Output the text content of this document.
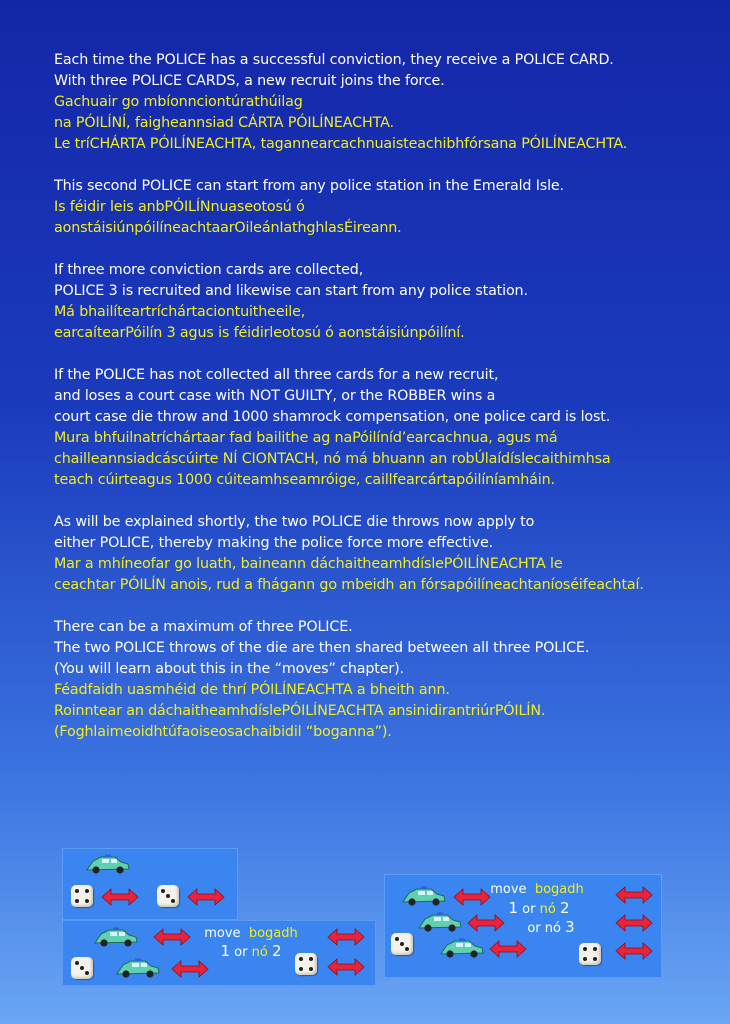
Each time the POLICE has a successful conviction, they receive a POLICE CARD.
With three POLICE CARDS, a new recruit joins the force.
Gachuair go mbíonnciontúrathúilag
na PÓILÍNÍ, faigheannsiad CÁRTA PÓILÍNEACHTA.
Le tríCHÁRTA PÓILÍNEACHTA, tagannearcachnuaisteachibhfórsana PÓILÍNEACHTA.
This second POLICE can start from any police station in the Emerald Isle.
Is féidir leis anbPÓILÍNnuaseotosú ó
aonstáisiúnpóilíneachtaarOileánIathghlasÉireann.
If three more conviction cards are collected,
POLICE 3 is recruited and likewise can start from any police station.
Má bhailíteartríchártaciontuitheeile,
earcaítearPóilín 3 agus is féidirleotosú ó aonstáisiúnpóilíní.
If the POLICE has not collected all three cards for a new recruit,
and loses a court case with NOT GUILTY, or the ROBBER wins a
court case die throw and 1000 shamrock compensation, one police card is lost.
Mura bhfuilnatríchártaar fad bailithe ag naPóilíníd’earcachnua, agus má
chailleannsiadcáscúirte NÍ CIONTACH, nó má bhuann an robÚlaídíslecaithimhsa
teach cúirteagus 1000 cúiteamhseamróige, caillfearcártapóilíníamháin.
As will be explained shortly, the two POLICE die throws now apply to
either POLICE, thereby making the police force more effective.
Mar a mhíneofar go luath, baineann dáchaitheamhdíslePÓILÍNEACHTA le
ceachtar PÓILÍN anois, rud a fhágann go mbeidh an fórsapóilíneachtaníoséifeachtaí.
There can be a maximum of three POLICE.
The two POLICE throws of the die are then shared between all three POLICE.
(You will learn about this in the “moves” chapter).
Féadfaidh uasmhéid de thrí PÓILÍNEACHTA a bheith ann.
Roinntear an dáchaitheamhdíslePÓILÍNEACHTA ansinidirantriúrPÓILÍN.
(Foghlaimeoidhtúfaoiseosachaibidil “boganna”).
move bogadh
1 or nó 2
move bogadh
1 or nó 2
or nó 3
